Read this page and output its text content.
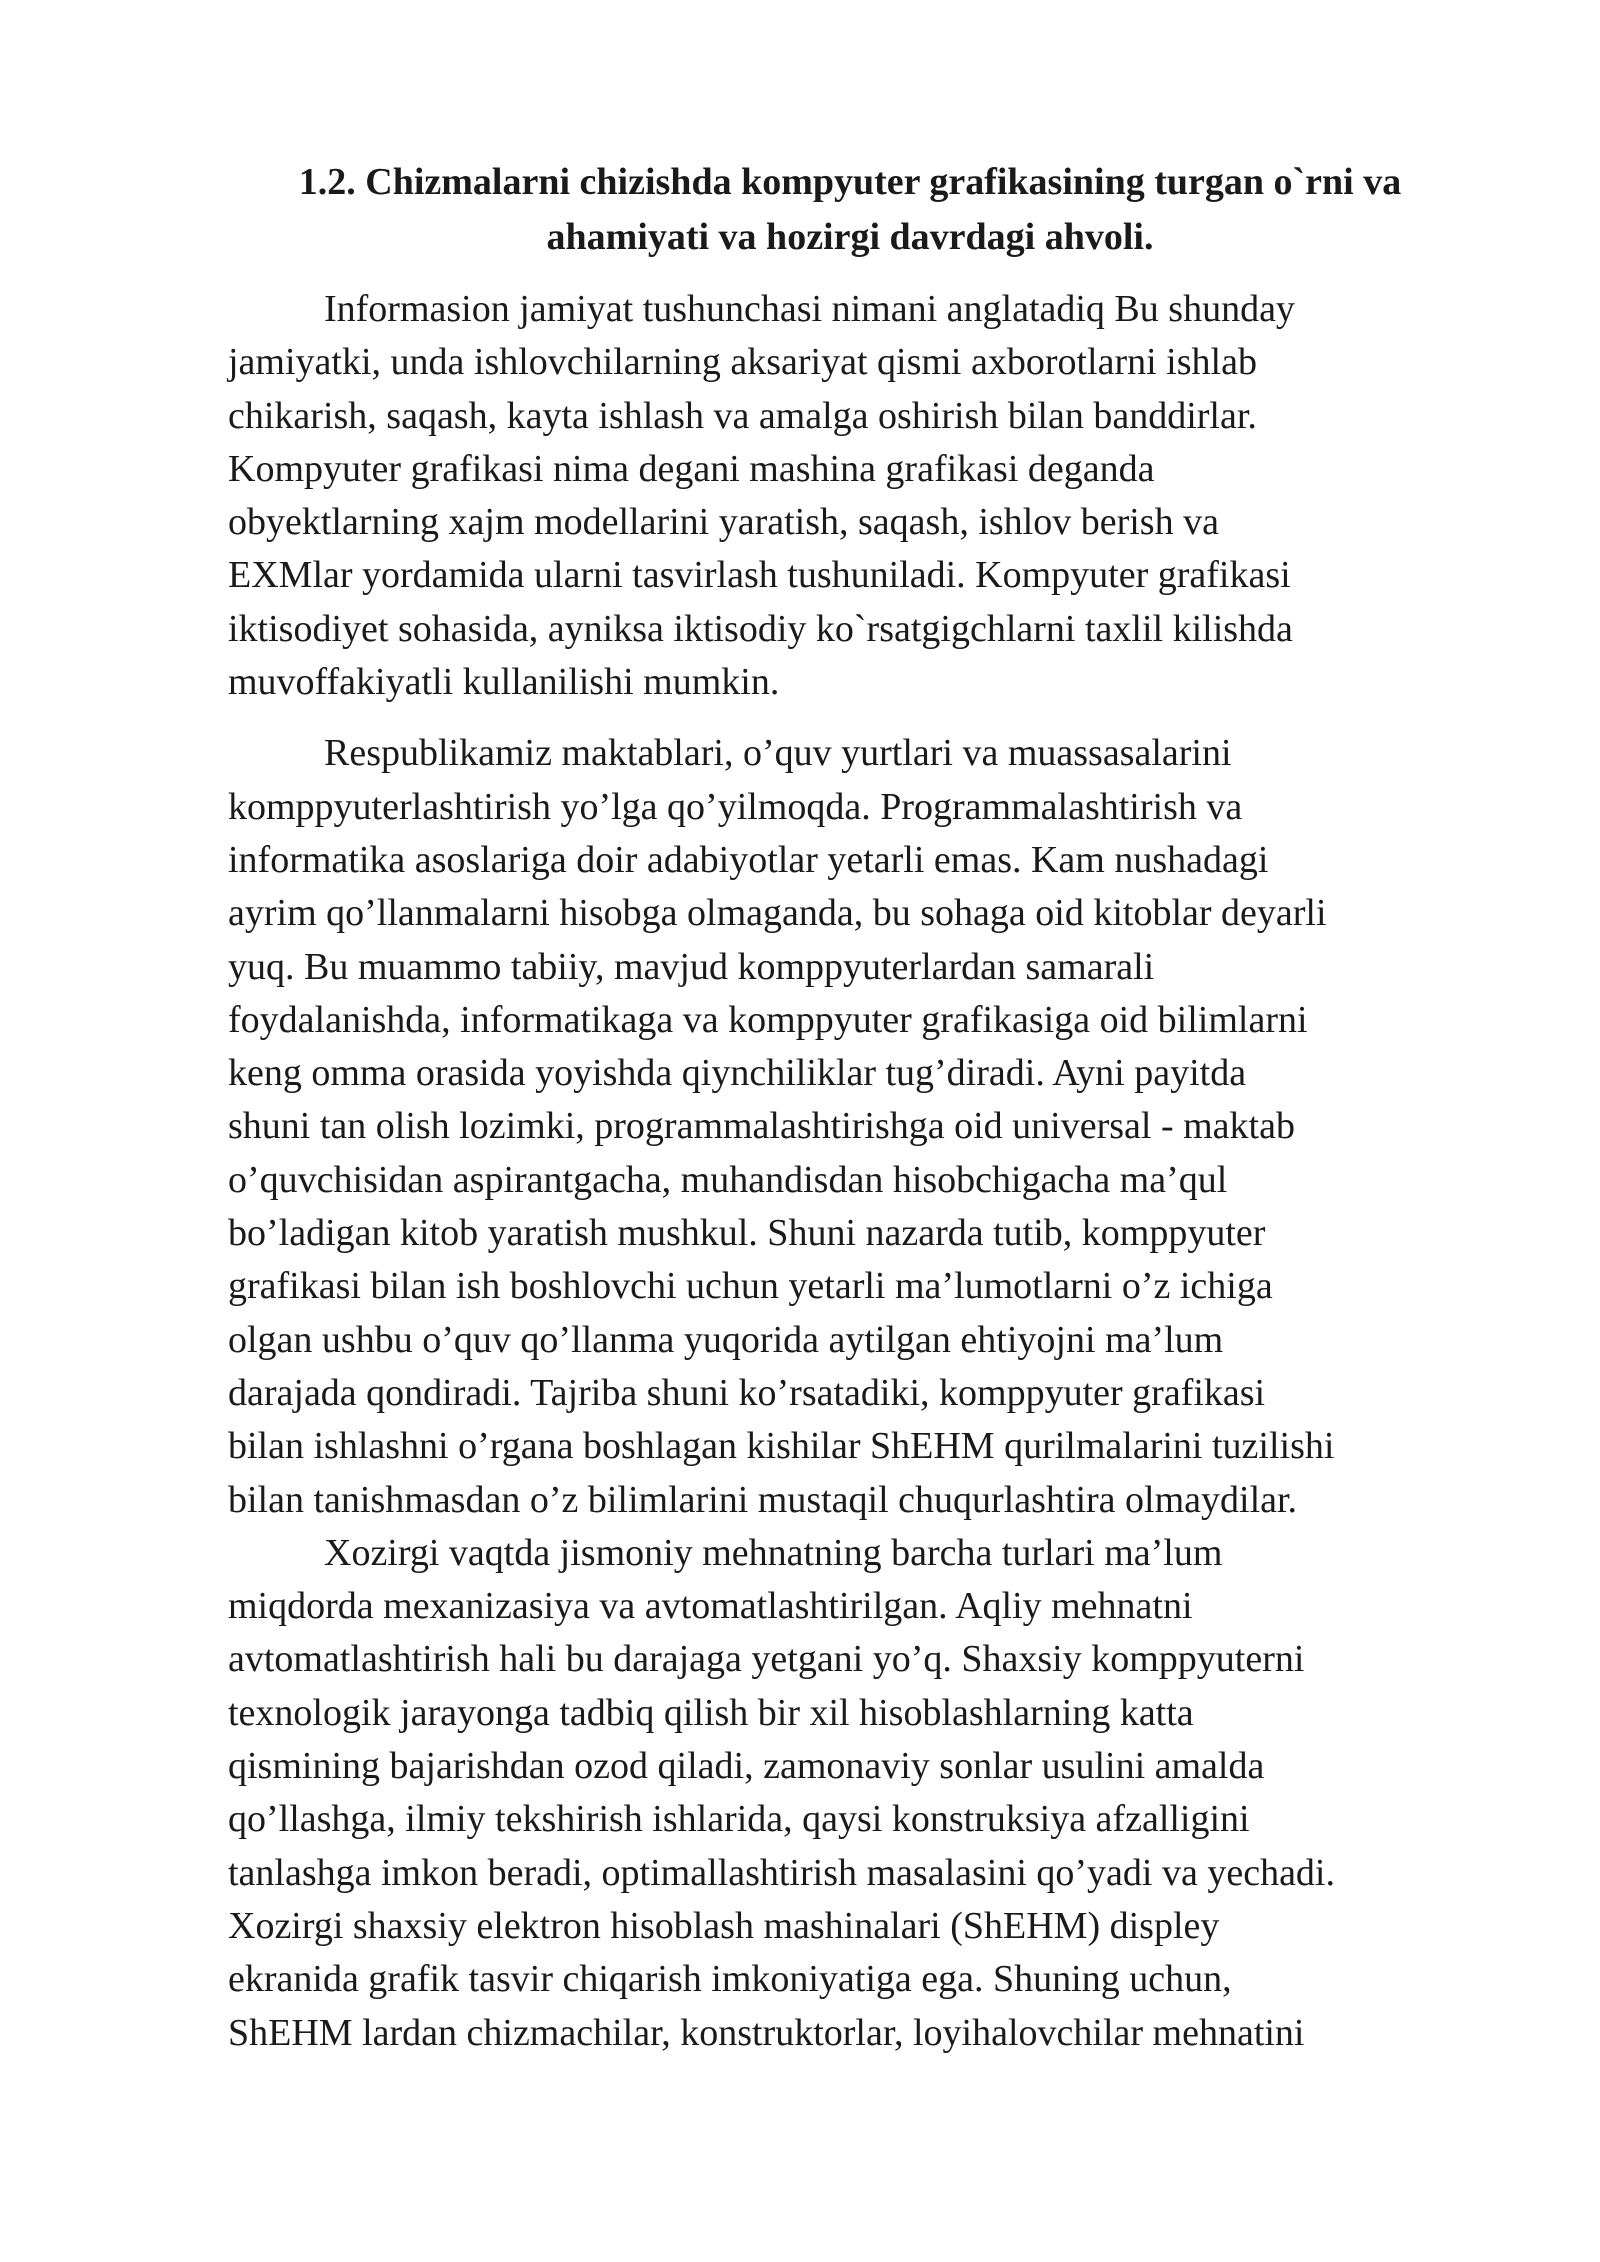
1.2. Chizmalarni chizishda kompyuter grafikasining turgan o`rni va
ahamiyati va hozirgi davrdagi ahvoli.

Informasion jamiyat tushunchasi nimani anglatadiq Bu shunday
jamiyatki, unda ishlovchilarning aksariyat qismi axborotlarni ishlab
chikarish, saqash, kayta ishlash va amalga oshirish bilan banddirlar.
Kompyuter grafikasi nima degani mashina grafikasi deganda
obyektlarning xajm modellarini yaratish, saqash, ishlov berish va
EXMlar yordamida ularni tasvirlash tushuniladi. Kompyuter grafikasi
iktisodiyet sohasida, ayniksa iktisodiy ko`rsatgigchlarni taxlil kilishda
muvoffakiyatli kullanilishi mumkin.

Respublikamiz maktablari, o’quv yurtlari va muassasalarini
komppyuterlashtirish yo’lga qo’yilmoqda. Programmalashtirish va
informatika asoslariga doir adabiyotlar yetarli emas. Kam nushadagi
ayrim qo’llanmalarni hisobga olmaganda, bu sohaga oid kitoblar deyarli
yuq. Bu muammo tabiiy, mavjud komppyuterlardan samarali
foydalanishda, informatikaga va komppyuter grafikasiga oid bilimlarni
keng omma orasida yoyishda qiynchiliklar tug’diradi. Ayni payitda
shuni tan olish lozimki, programmalashtirishga oid universal - maktab
o’quvchisidan aspirantgacha, muhandisdan hisobchigacha ma’qul
bo’ladigan kitob yaratish mushkul. Shuni nazarda tutib, komppyuter
grafikasi bilan ish boshlovchi uchun yetarli ma’lumotlarni o’z ichiga
olgan ushbu o’quv qo’llanma yuqorida aytilgan ehtiyojni ma’lum
darajada qondiradi. Tajriba shuni ko’rsatadiki, komppyuter grafikasi
bilan ishlashni o’rgana boshlagan kishilar ShEHM qurilmalarini tuzilishi
bilan tanishmasdan o’z bilimlarini mustaqil chuqurlashtira olmaydilar.

Xozirgi vaqtda jismoniy mehnatning barcha turlari ma’lum
miqdorda mexanizasiya va avtomatlashtirilgan. Aqliy mehnatni
avtomatlashtirish hali bu darajaga yetgani yo’q. Shaxsiy komppyuterni
texnologik jarayonga tadbiq qilish bir xil hisoblashlarning katta
qismining bajarishdan ozod qiladi, zamonaviy sonlar usulini amalda
qo’llashga, ilmiy tekshirish ishlarida, qaysi konstruksiya afzalligini
tanlashga imkon beradi, optimallashtirish masalasini qo’yadi va yechadi.
Xozirgi shaxsiy elektron hisoblash mashinalari (ShEHM) displey
ekranida grafik tasvir chiqarish imkoniyatiga ega. Shuning uchun,
ShEHM lardan chizmachilar, konstruktorlar, loyihalovchilar mehnatini
